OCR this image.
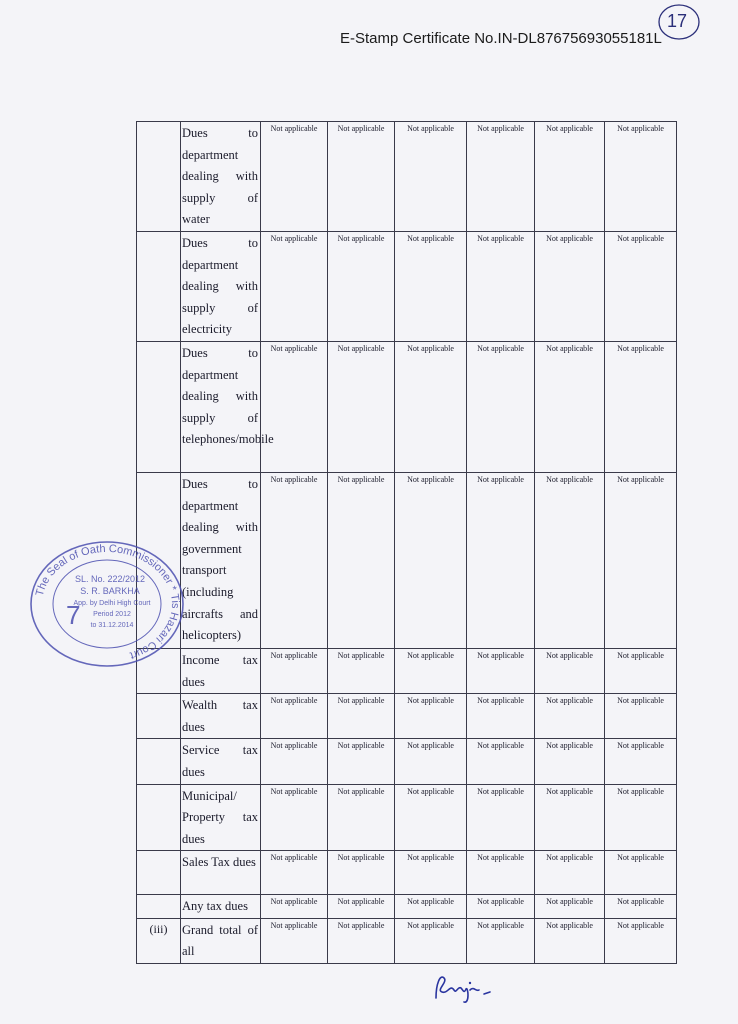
E-Stamp Certificate No.IN-DL87675693055181L
17
	Dues to department dealing with supply of water	Not applicable	Not applicable	Not applicable	Not applicable	Not applicable	Not applicable
	Dues to department dealing with supply of electricity	Not applicable	Not applicable	Not applicable	Not applicable	Not applicable	Not applicable
	Dues to department dealing with supply of telephones/mobile	Not applicable	Not applicable	Not applicable	Not applicable	Not applicable	Not applicable
	Dues to department dealing with government transport (including aircrafts and helicopters)	Not applicable	Not applicable	Not applicable	Not applicable	Not applicable	Not applicable
	Income tax dues	Not applicable	Not applicable	Not applicable	Not applicable	Not applicable	Not applicable
	Wealth tax dues	Not applicable	Not applicable	Not applicable	Not applicable	Not applicable	Not applicable
	Service tax dues	Not applicable	Not applicable	Not applicable	Not applicable	Not applicable	Not applicable
	Municipal/ Property tax dues	Not applicable	Not applicable	Not applicable	Not applicable	Not applicable	Not applicable
	Sales Tax dues	Not applicable	Not applicable	Not applicable	Not applicable	Not applicable	Not applicable
	Any tax dues	Not applicable	Not applicable	Not applicable	Not applicable	Not applicable	Not applicable
(iii)	Grand total of all	Not applicable	Not applicable	Not applicable	Not applicable	Not applicable	Not applicable
The Seal of Oath Commissioner * Tis Hazari Court
SL. No. 222/2012
S. R. BARKHA
App. by Delhi High Court
Period 2012
to 31.12.2014
7
